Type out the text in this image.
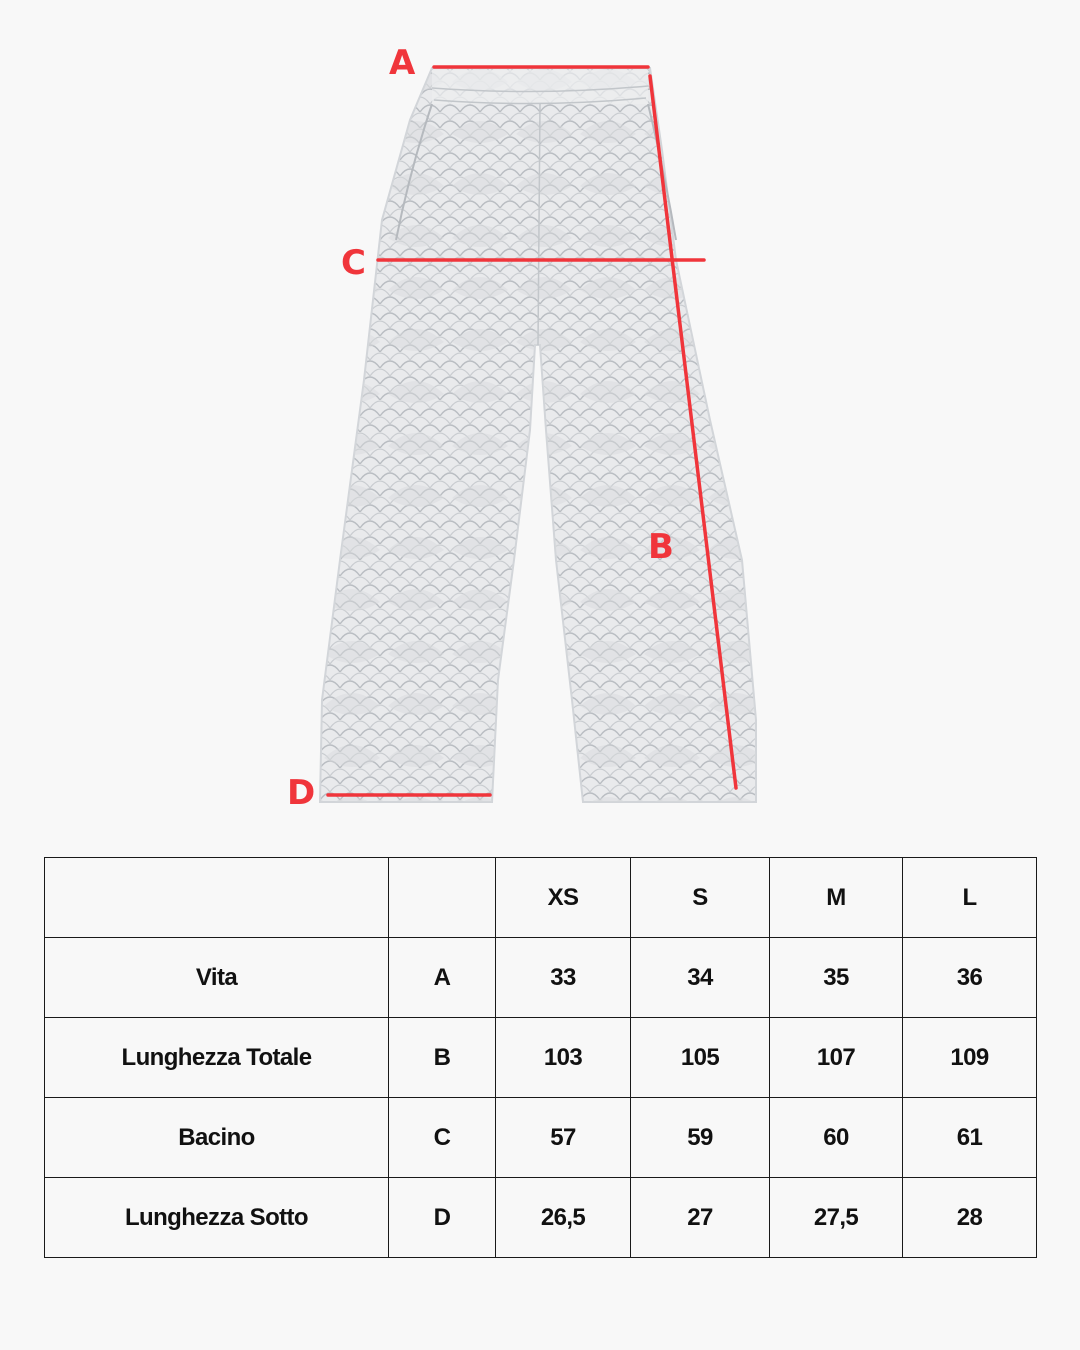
A
C
B
D
		XS	S	M	L
Vita	A	33	34	35	36
Lunghezza Totale	B	103	105	107	109
Bacino	C	57	59	60	61
Lunghezza Sotto	D	26,5	27	27,5	28
